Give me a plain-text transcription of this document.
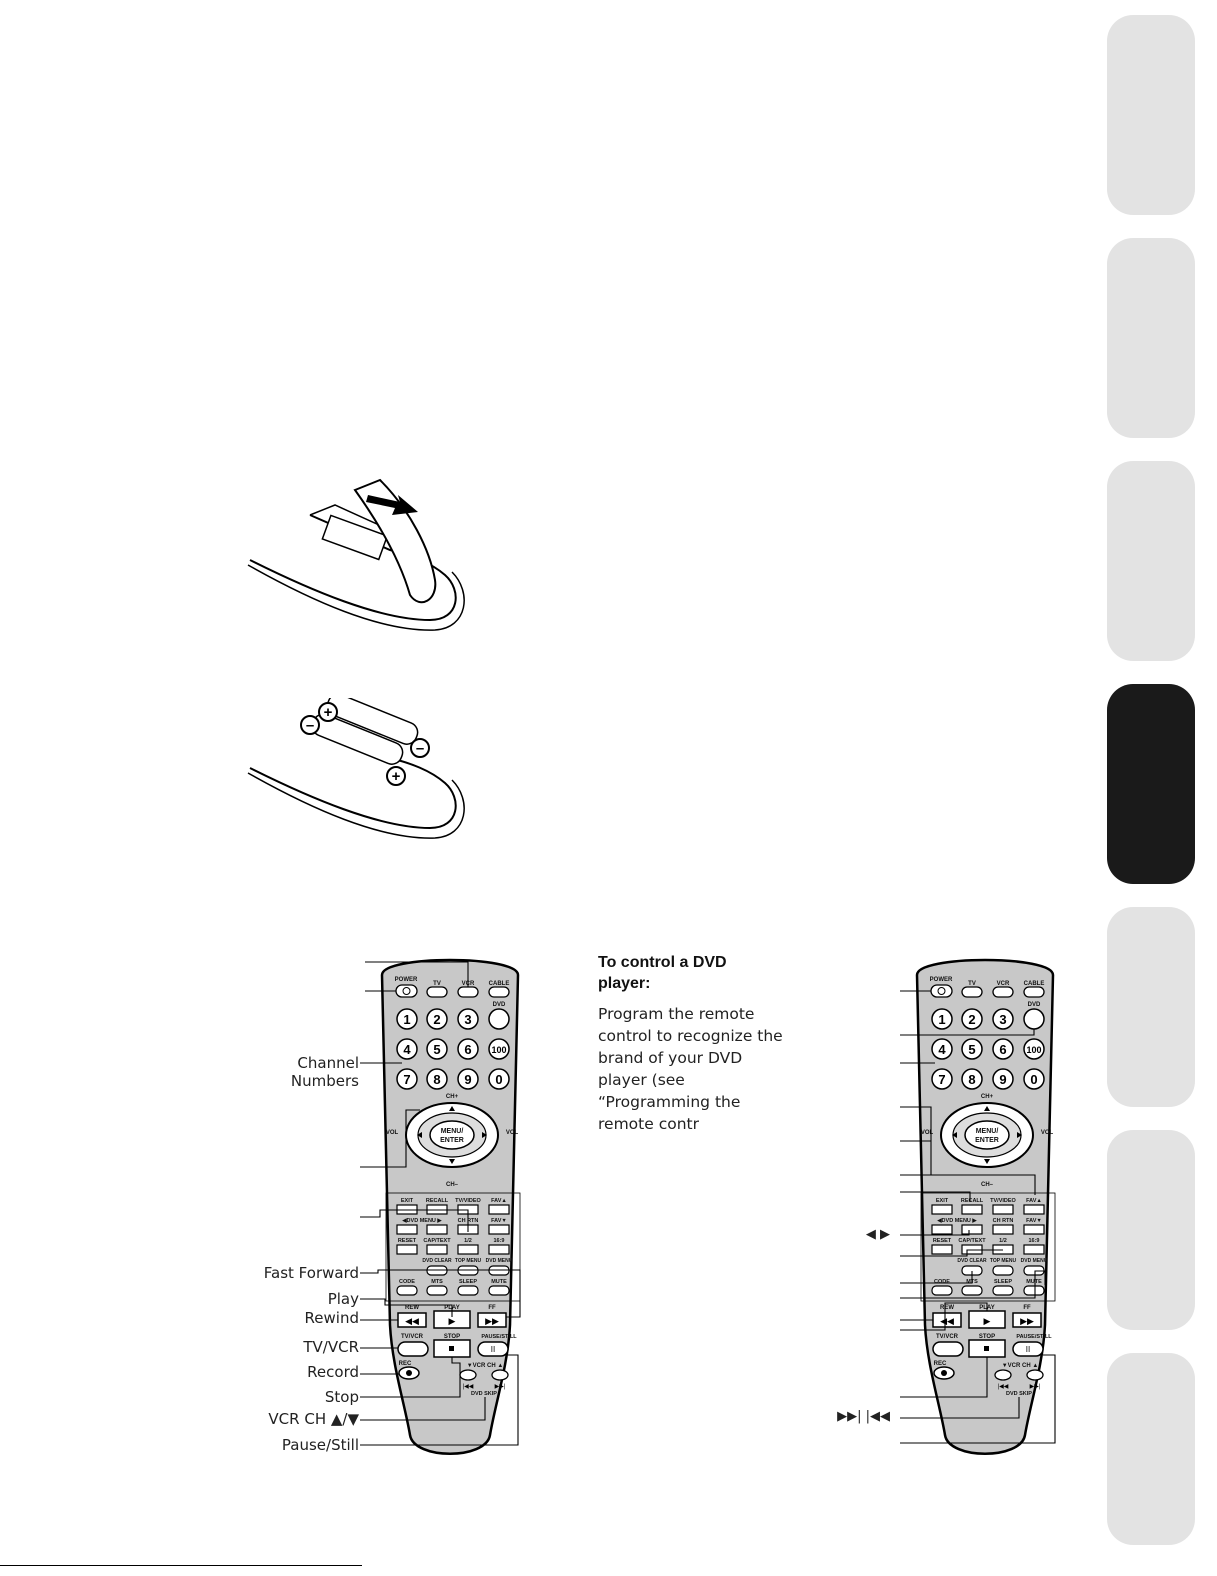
+
–
–
+
POWER
TV	VCR CABLE
DVD
1 2 3
4 5 6
7 8 9
100
0
CH+
MENU/
ENTER
VOL	VOL
CH–
EXIT RECALL TV/VIDEO FAV▲
◀DVD MENU ▶	CH RTN FAV▼
RESET CAP/TEXT 1/2	16:9
DVD CLEAR TOP MENU DVD MENU
CODE	MTS	SLEEP	MUTE
REW	PLAY	FF
◀◀	▶	▶▶
TV/VCR	STOP	PAUSE/STILL
II
REC	▼VCR CH ▲
|◀◀	▶▶|
DVD SKIP
POWER
TV	VCR CABLE
DVD
1 2 3
4 5 6
7 8 9
100
0
CH+
MENU/
ENTER
VOL	VOL
CH–
EXIT RECALL TV/VIDEO FAV▲
◀DVD MENU ▶	CH RTN FAV▼
RESET CAP/TEXT 1/2	16:9
DVD CLEAR TOP MENU DVD MENU
CODE	MTS	SLEEP	MUTE
REW	PLAY	FF
◀◀	▶	▶▶
TV/VCR	STOP	PAUSE/STILL
II
REC	▼VCR CH ▲
|◀◀	▶▶|
DVD SKIP
Channel
Numbers
Fast Forward
Play
Rewind
TV/VCR
Record
Stop
VCR CH ▲/▼
Pause/Still
◀ ▶
▶▶| |◀◀
To control a DVD
player:
Program the remote
control to recognize the
brand of your DVD
player (see
“Programming the
remote contr
